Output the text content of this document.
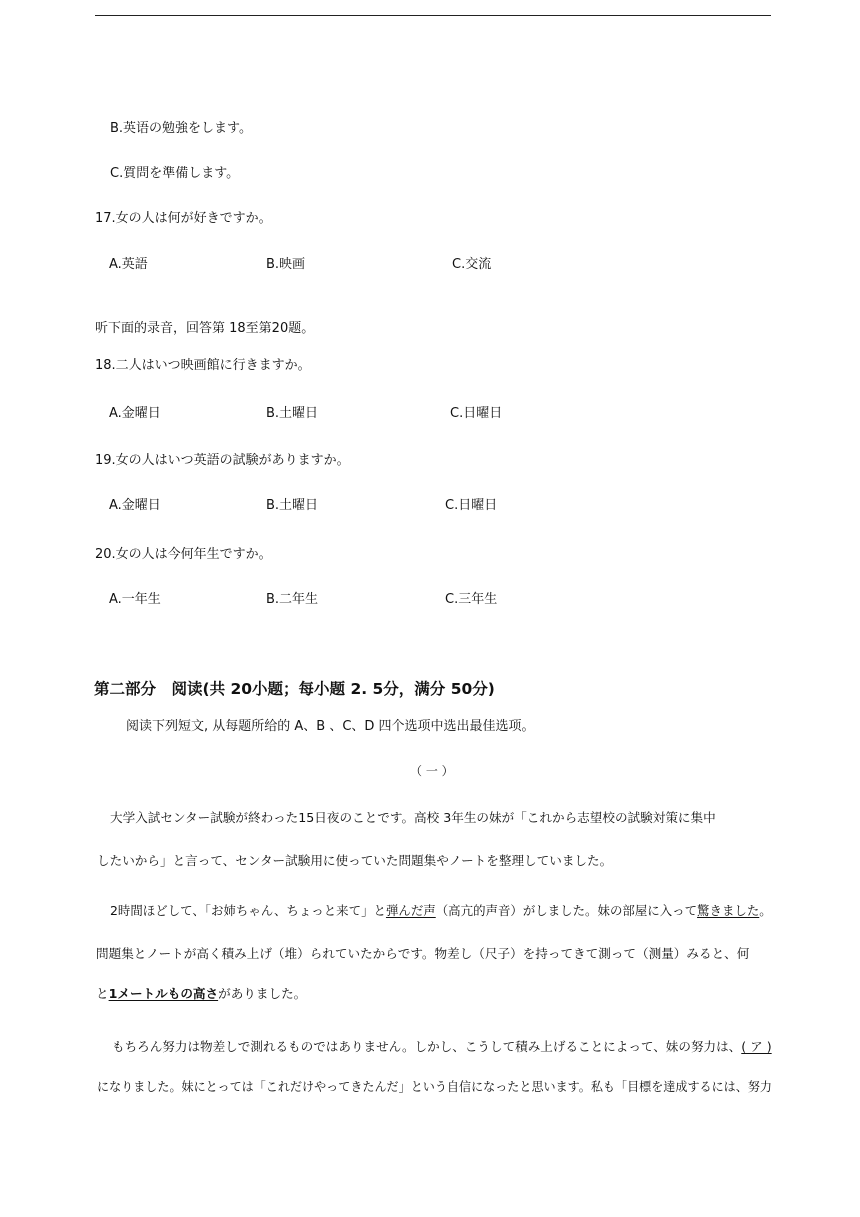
B.英语の勉強をします。
C.質問を準備します。
17.女の人は何が好きですか。
A.英語	B.映画	C.交流
听下面的录音，回答第 18至第20题。
18.二人はいつ映画館に行きますか。
A.金曜日	B.土曜日	C.日曜日
19.女の人はいつ英語の試験がありますか。
A.金曜日	B.土曜日	C.日曜日
20.女の人は今何年生ですか。
A.一年生	B.二年生	C.三年生
第二部分　阅读(共 20小题；每小题 2. 5分，满分 50分)
阅读下列短文, 从每题所给的 A、B 、C、D 四个选项中选出最佳选项。
（ 一 ）
大学入試センター試験が終わった15日夜のことです。高校 3年生の妹が「これから志望校の試験対策に集中
したいから」と言って、センター試験用に使っていた問題集やノートを整理していました。
2時間ほどして、「お姉ちゃん、ちょっと来て」と弾んだ声（高亢的声音）がしました。妹の部屋に入って驚きました。
問題集とノートが高く積み上げ（堆）られていたからです。物差し（尺子）を持ってきて測って（测量）みると、何
と1メートルもの高さがありました。
もちろん努力は物差しで測れるものではありません。しかし、こうして積み上げることによって、妹の努力は、( ア )
になりました。妹にとっては「これだけやってきたんだ」という自信になったと思います。私も「目標を達成するには、努力
